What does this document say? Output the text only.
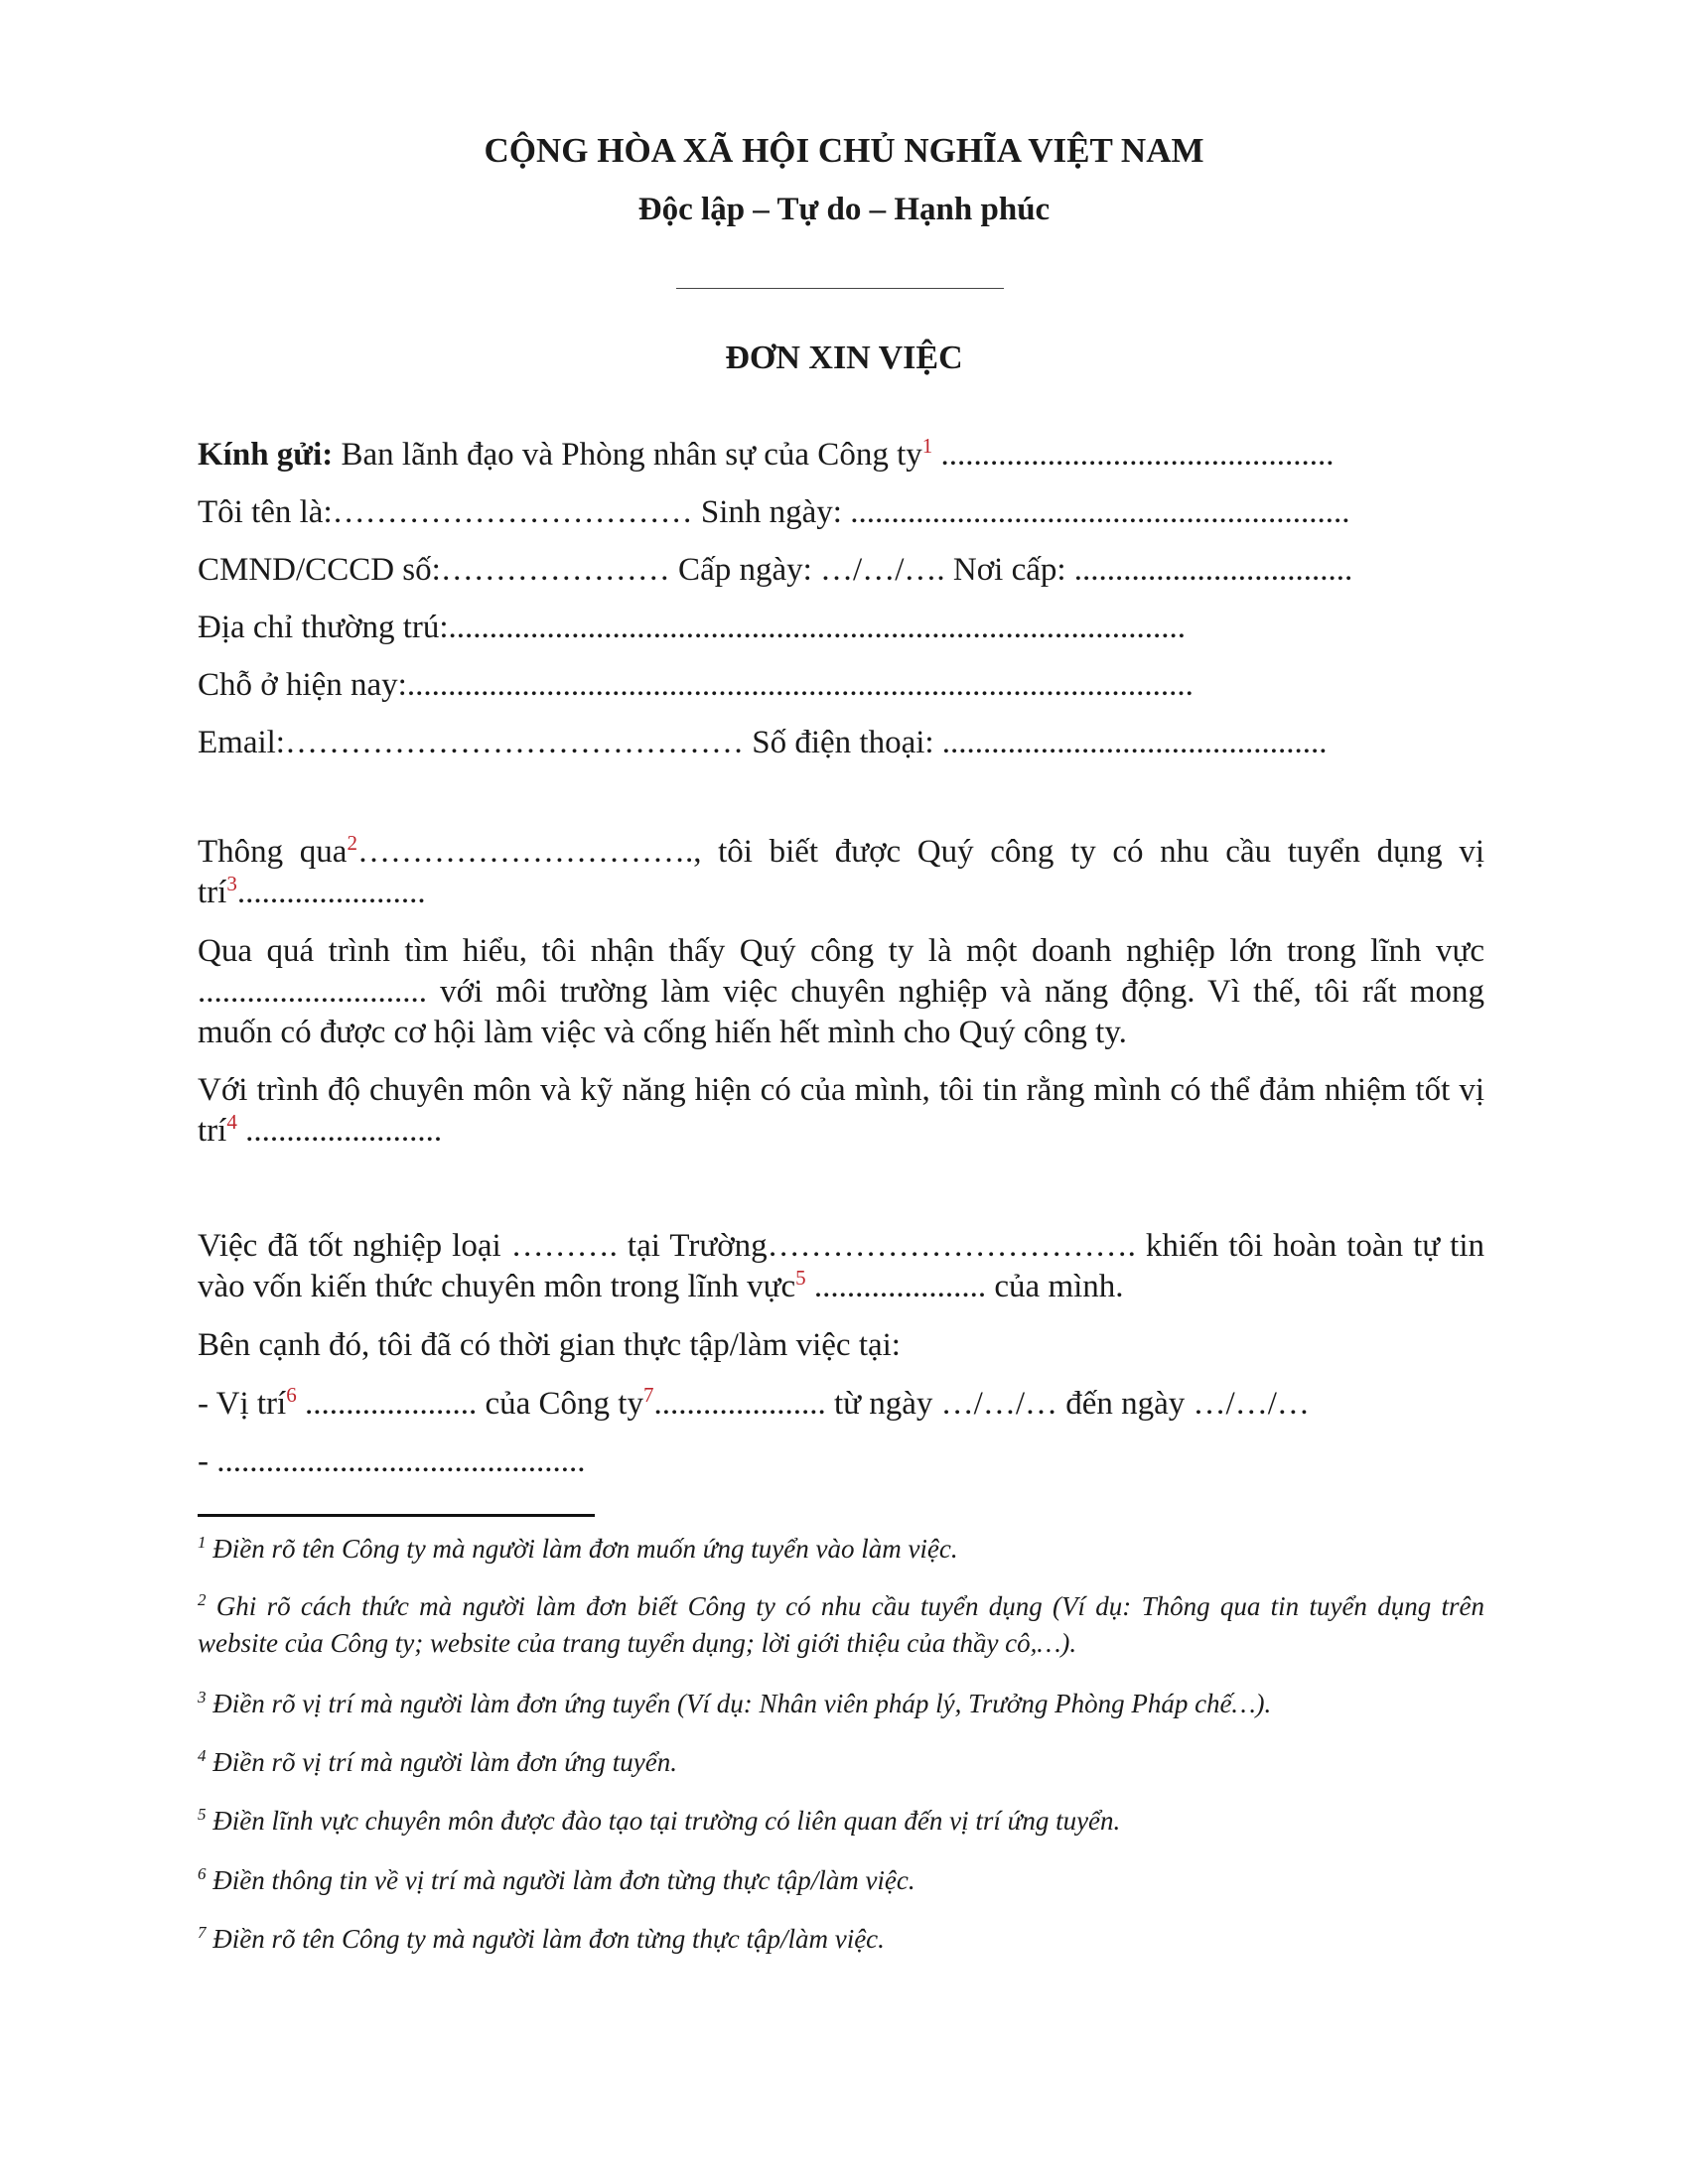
CỘNG HÒA XÃ HỘI CHỦ NGHĨA VIỆT NAM
Độc lập – Tự do – Hạnh phúc
ĐƠN XIN VIỆC
Kính gửi: Ban lãnh đạo và Phòng nhân sự của Công $ty^1$ ................................................
Tôi tên là:…………………………… Sinh ngày: .............................................................
CMND/CCCD số:………………… Cấp ngày: …/…/…. Nơi cấp: ..................................
Địa chỉ thường trú:..........................................................................................
Chỗ ở hiện nay:................................................................................................
Email:…………………………………… Số điện thoại: ...............................................
Thông qua$^2$…………………………., tôi biết được Quý công ty có nhu cầu tuyển dụng vị trí$^3$.......................
Qua quá trình tìm hiểu, tôi nhận thấy Quý công ty là một doanh nghiệp lớn trong lĩnh vực ............................ với môi trường làm việc chuyên nghiệp và năng động. Vì thế, tôi rất mong muốn có được cơ hội làm việc và cống hiến hết mình cho Quý công ty.
Với trình độ chuyên môn và kỹ năng hiện có của mình, tôi tin rằng mình có thể đảm nhiệm tốt vị trí$^4$ ........................
Việc đã tốt nghiệp loại ………. tại Trường……………………………. khiến tôi hoàn toàn tự tin vào vốn kiến thức chuyên môn trong lĩnh vực$^5$ ..................... của mình.
Bên cạnh đó, tôi đã có thời gian thực tập/làm việc tại:
- Vị trí$^6$ ..................... của Công $ty^7$..................... từ ngày …/…/… đến ngày …/…/…
- .............................................
$^1$ Điền rõ tên Công ty mà người làm đơn muốn ứng tuyển vào làm việc.
$^2$ Ghi rõ cách thức mà người làm đơn biết Công ty có nhu cầu tuyển dụng (Ví dụ: Thông qua tin tuyển dụng trên website của Công ty; website của trang tuyển dụng; lời giới thiệu của thầy cô,…).
$^3$ Điền rõ vị trí mà người làm đơn ứng tuyển (Ví dụ: Nhân viên pháp lý, Trưởng Phòng Pháp chế…).
$^4$ Điền rõ vị trí mà người làm đơn ứng tuyển.
$^5$ Điền lĩnh vực chuyên môn được đào tạo tại trường có liên quan đến vị trí ứng tuyển.
$^6$ Điền thông tin về vị trí mà người làm đơn từng thực tập/làm việc.
$^7$ Điền rõ tên Công ty mà người làm đơn từng thực tập/làm việc.
